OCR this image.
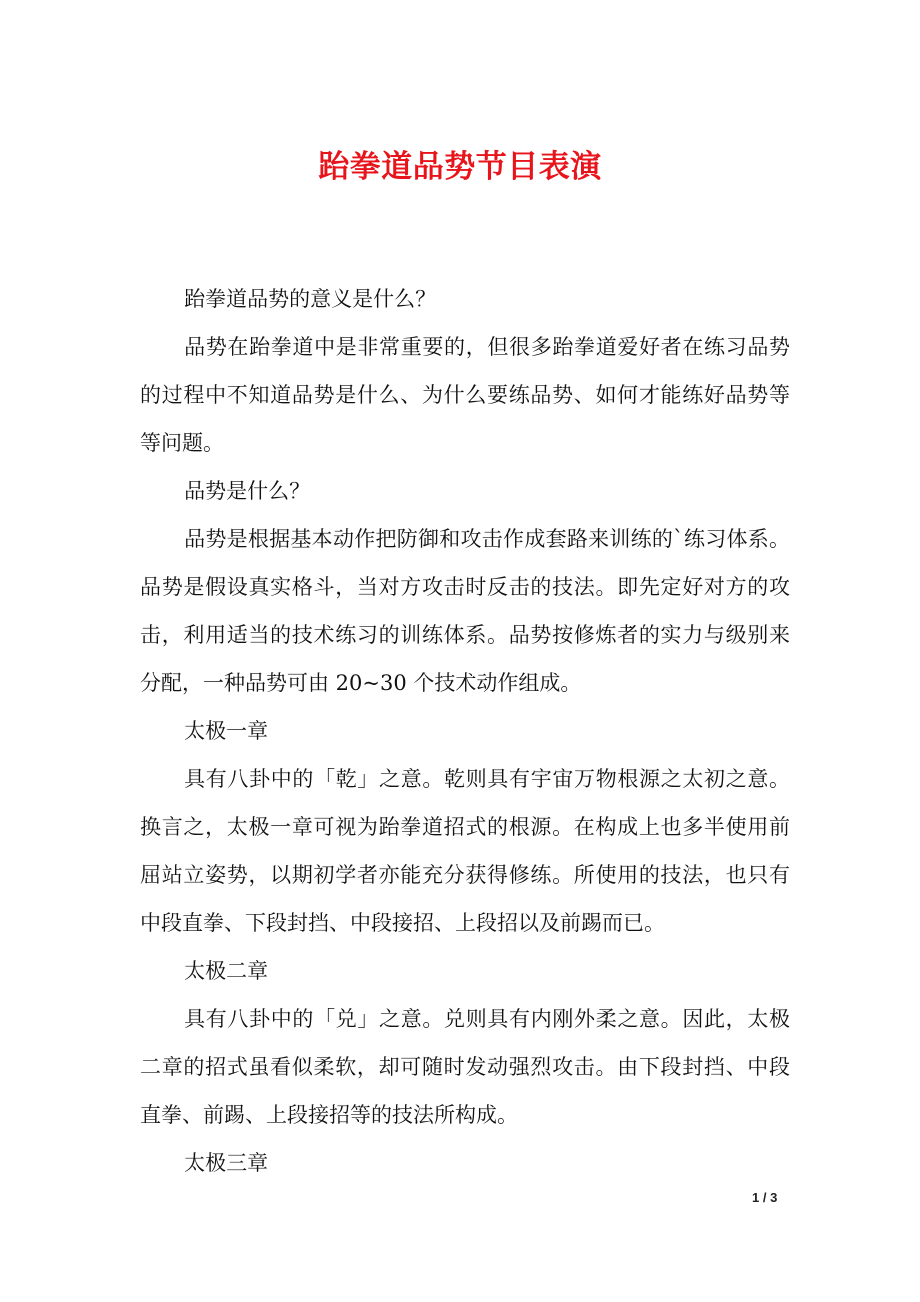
跆拳道品势节目表演

跆拳道品势的意义是什么？

品势在跆拳道中是非常重要的，但很多跆拳道爱好者在练习品势的过程中不知道品势是什么、为什么要练品势、如何才能练好品势等等问题。

品势是什么？

品势是根据基本动作把防御和攻击作成套路来训练的`练习体系。品势是假设真实格斗，当对方攻击时反击的技法。即先定好对方的攻击，利用适当的技术练习的训练体系。品势按修炼者的实力与级别来分配，一种品势可由 20~30 个技术动作组成。

太极一章

具有八卦中的「乾」之意。乾则具有宇宙万物根源之太初之意。换言之，太极一章可视为跆拳道招式的根源。在构成上也多半使用前屈站立姿势，以期初学者亦能充分获得修练。所使用的技法，也只有中段直拳、下段封挡、中段接招、上段招以及前踢而已。

太极二章

具有八卦中的「兑」之意。兑则具有内刚外柔之意。因此，太极二章的招式虽看似柔软，却可随时发动强烈攻击。由下段封挡、中段直拳、前踢、上段接招等的技法所构成。

太极三章

1 / 3
